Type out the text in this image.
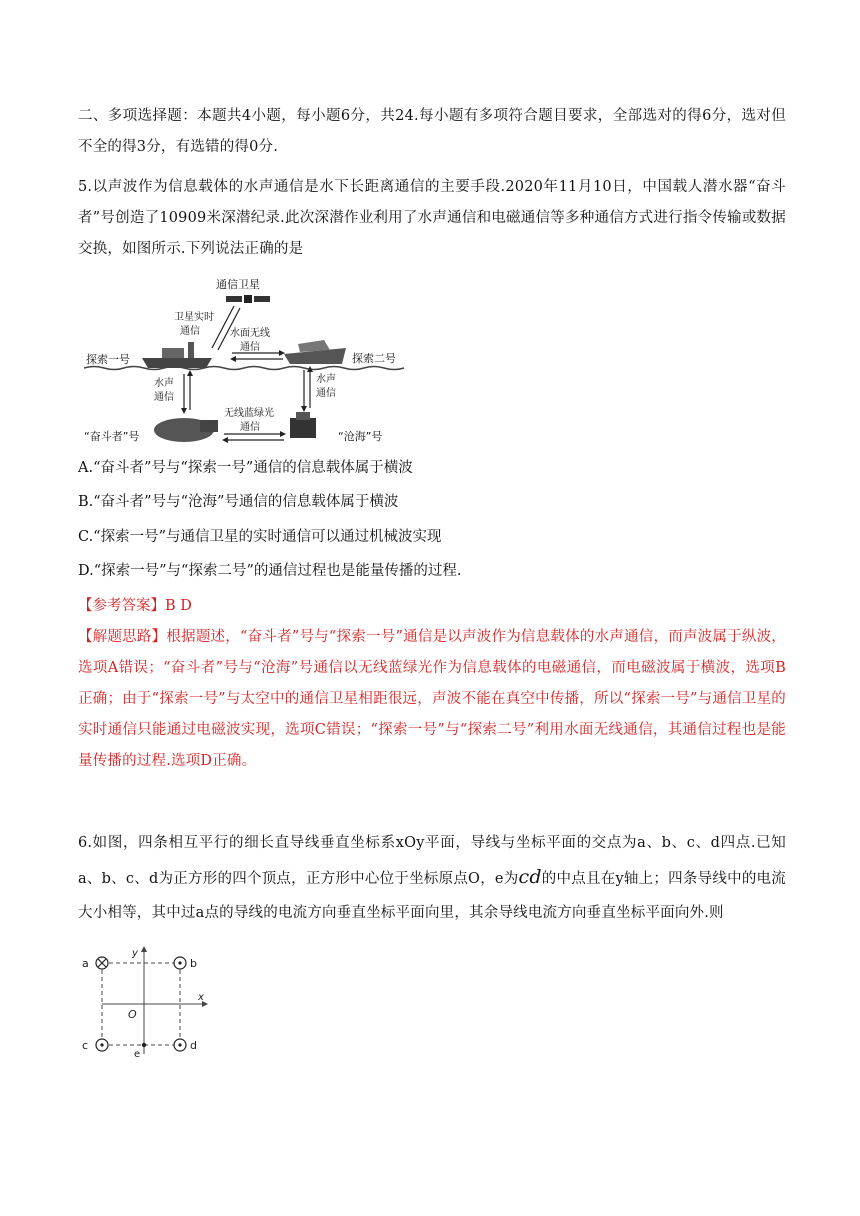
二、多项选择题：本题共4小题，每小题6分，共24.每小题有多项符合题目要求，全部选对的得6分，选对但不全的得3分，有选错的得0分.

5.以声波作为信息载体的水声通信是水下长距离通信的主要手段.2020年11月10日，中国载人潜水器“奋斗者”号创造了10909米深潜纪录.此次深潜作业利用了水声通信和电磁通信等多种通信方式进行指令传输或数据交换，如图所示.下列说法正确的是

通信卫星
卫星实时
通信	水面无线
通信
探索一号	探索二号
水声
通信
水声
通信
“奋斗者”号
无线蓝绿光
通信
“沧海”号

A.“奋斗者”号与“探索一号”通信的信息载体属于横波

B.“奋斗者”号与“沧海”号通信的信息载体属于横波

C.“探索一号”与通信卫星的实时通信可以通过机械波实现

D.“探索一号”与“探索二号”的通信过程也是能量传播的过程.

【参考答案】B D

【解题思路】根据题述，“奋斗者”号与“探索一号”通信是以声波作为信息载体的水声通信，而声波属于纵波，选项A错误；“奋斗者”号与“沧海”号通信以无线蓝绿光作为信息载体的电磁通信，而电磁波属于横波，选项B正确；由于“探索一号”与太空中的通信卫星相距很远，声波不能在真空中传播，所以“探索一号”与通信卫星的实时通信只能通过电磁波实现，选项C错误；“探索一号”与“探索二号”利用水面无线通信，其通信过程也是能量传播的过程.选项D正确。

6.如图，四条相互平行的细长直导线垂直坐标系xOy平面，导线与坐标平面的交点为a、b、c、d四点.已知a、b、c、d为正方形的四个顶点，正方形中心位于坐标原点O，e为cd的中点且在y轴上；四条导线中的电流大小相等，其中过a点的导线的电流方向垂直坐标平面向里，其余导线电流方向垂直坐标平面向外.则

a	b
c	d
e
O
x
y
